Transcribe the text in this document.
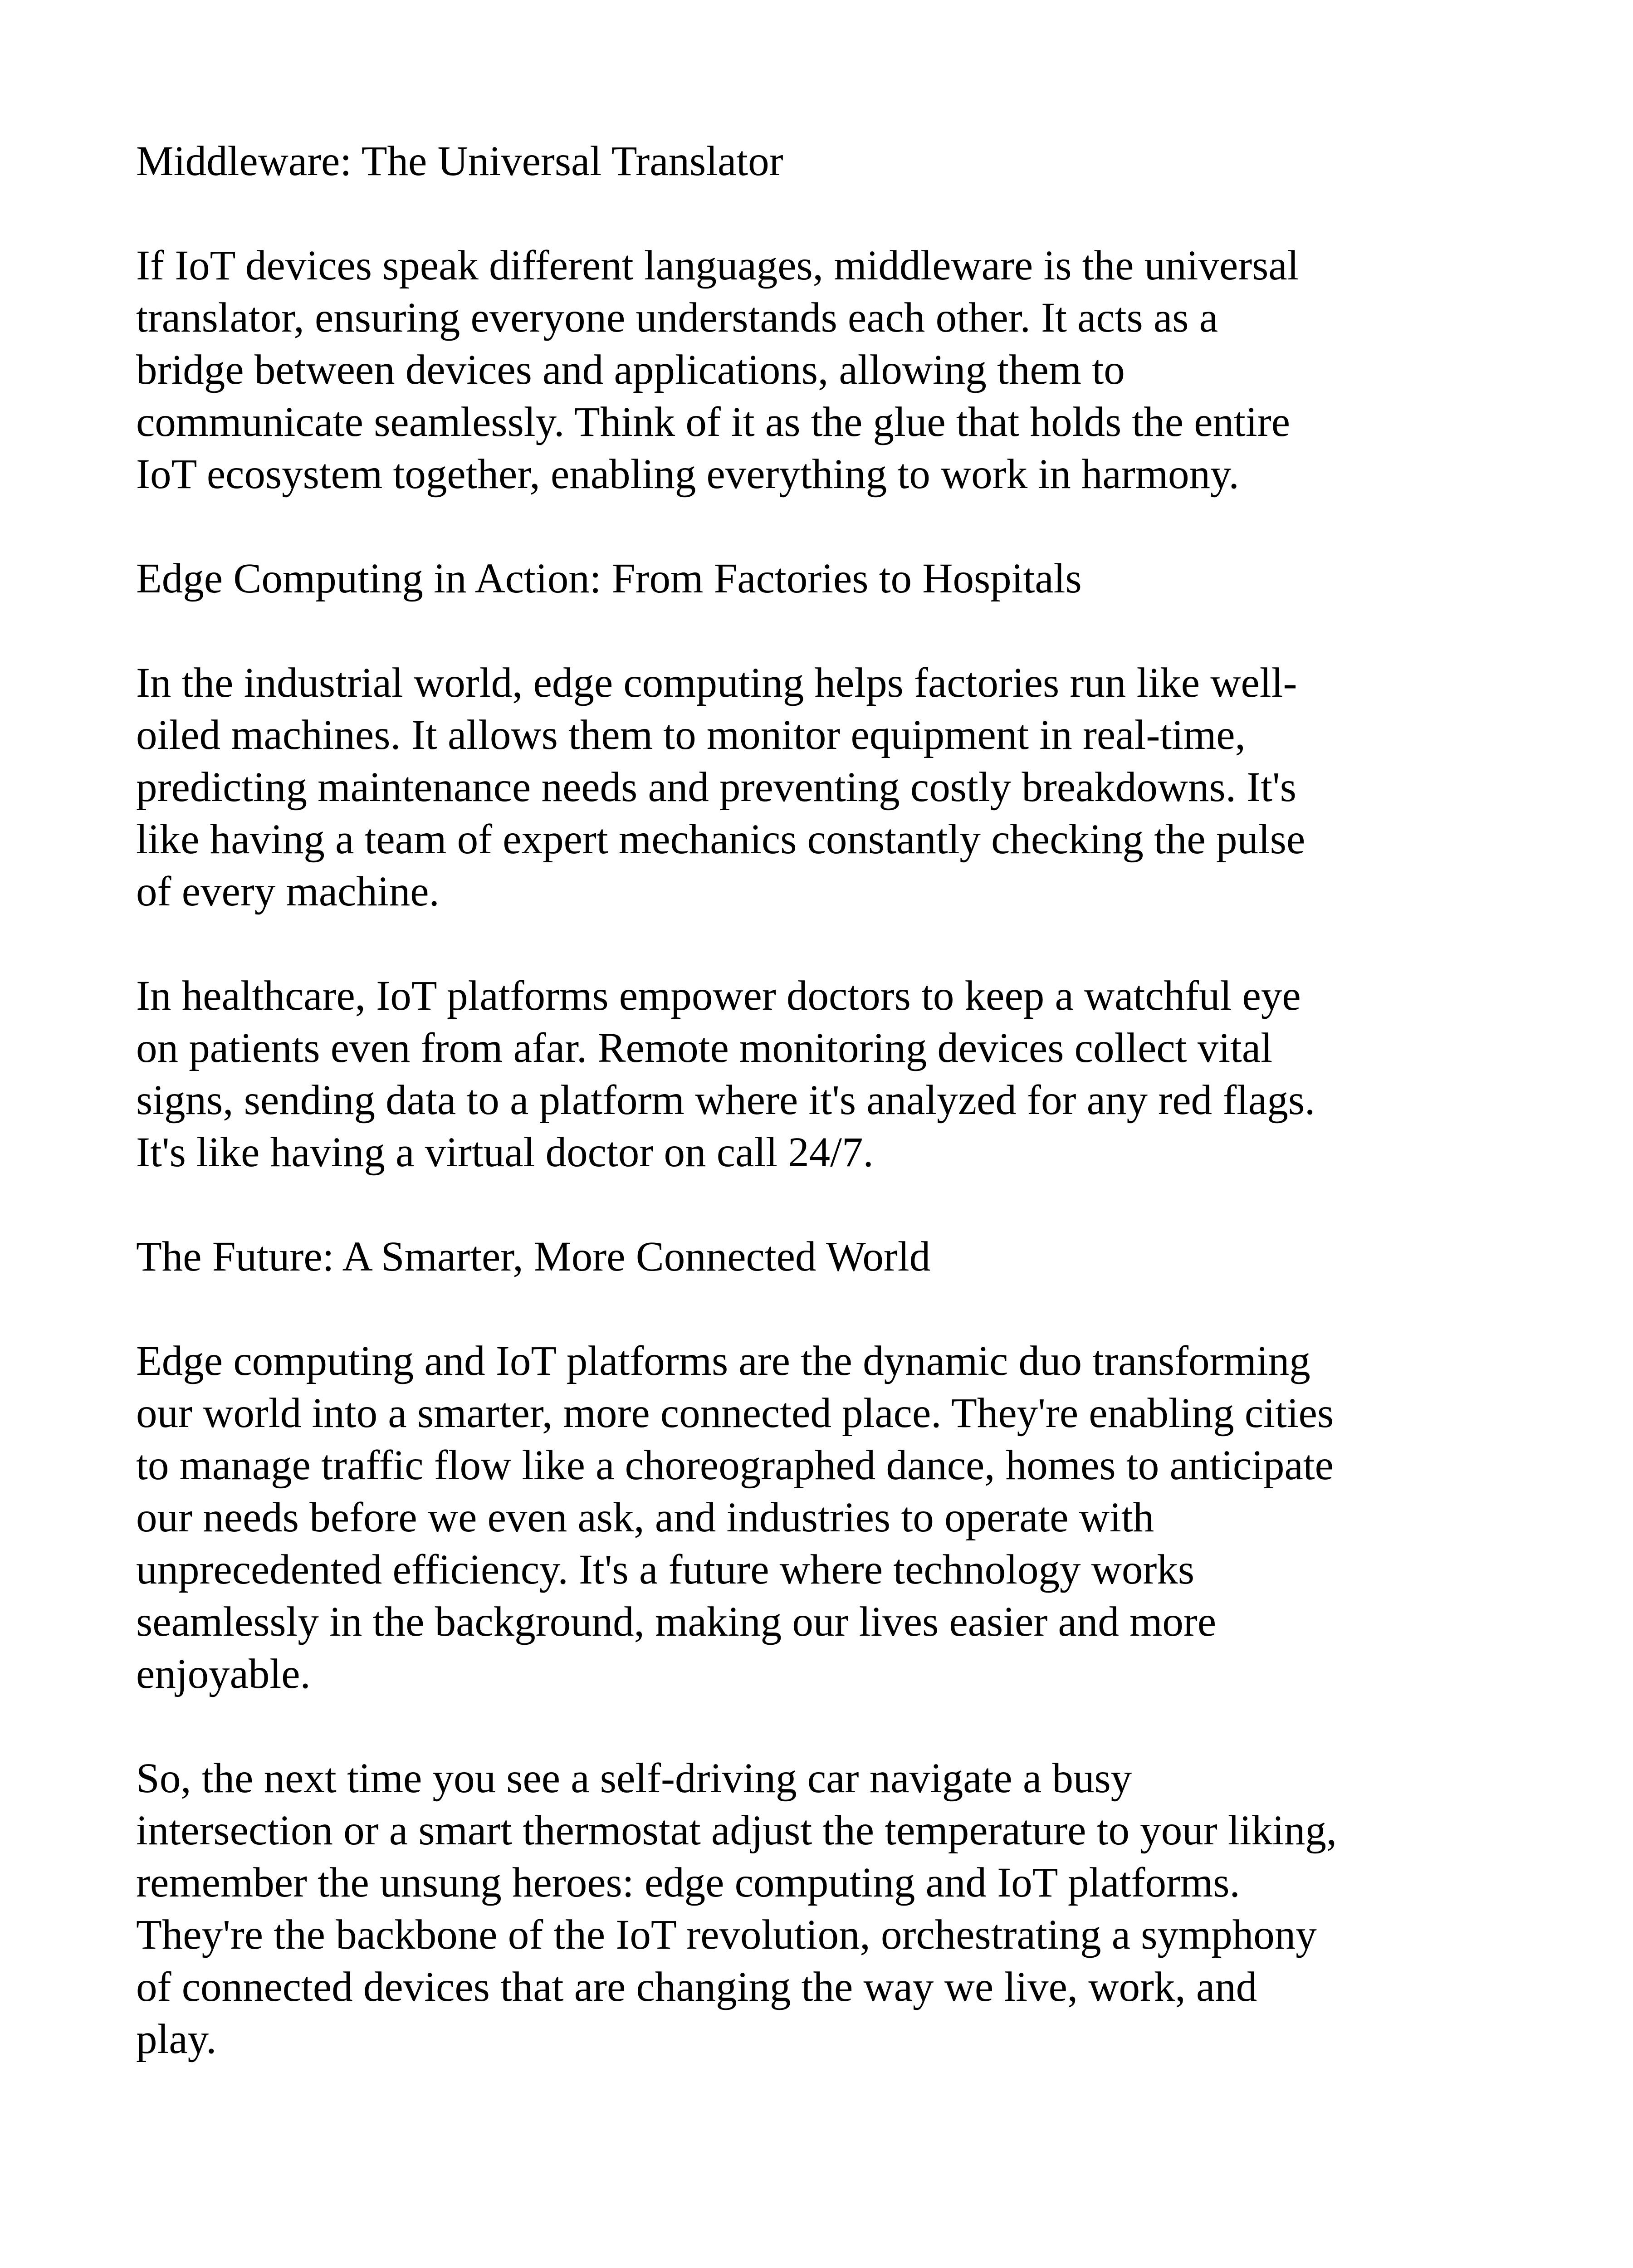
Middleware: The Universal Translator

If IoT devices speak different languages, middleware is the universal
translator, ensuring everyone understands each other. It acts as a
bridge between devices and applications, allowing them to
communicate seamlessly. Think of it as the glue that holds the entire
IoT ecosystem together, enabling everything to work in harmony.

Edge Computing in Action: From Factories to Hospitals

In the industrial world, edge computing helps factories run like well-
oiled machines. It allows them to monitor equipment in real-time,
predicting maintenance needs and preventing costly breakdowns. It's
like having a team of expert mechanics constantly checking the pulse
of every machine.

In healthcare, IoT platforms empower doctors to keep a watchful eye
on patients even from afar. Remote monitoring devices collect vital
signs, sending data to a platform where it's analyzed for any red flags.
It's like having a virtual doctor on call 24/7.

The Future: A Smarter, More Connected World

Edge computing and IoT platforms are the dynamic duo transforming
our world into a smarter, more connected place. They're enabling cities
to manage traffic flow like a choreographed dance, homes to anticipate
our needs before we even ask, and industries to operate with
unprecedented efficiency. It's a future where technology works
seamlessly in the background, making our lives easier and more
enjoyable.

So, the next time you see a self-driving car navigate a busy
intersection or a smart thermostat adjust the temperature to your liking,
remember the unsung heroes: edge computing and IoT platforms.
They're the backbone of the IoT revolution, orchestrating a symphony
of connected devices that are changing the way we live, work, and
play.
